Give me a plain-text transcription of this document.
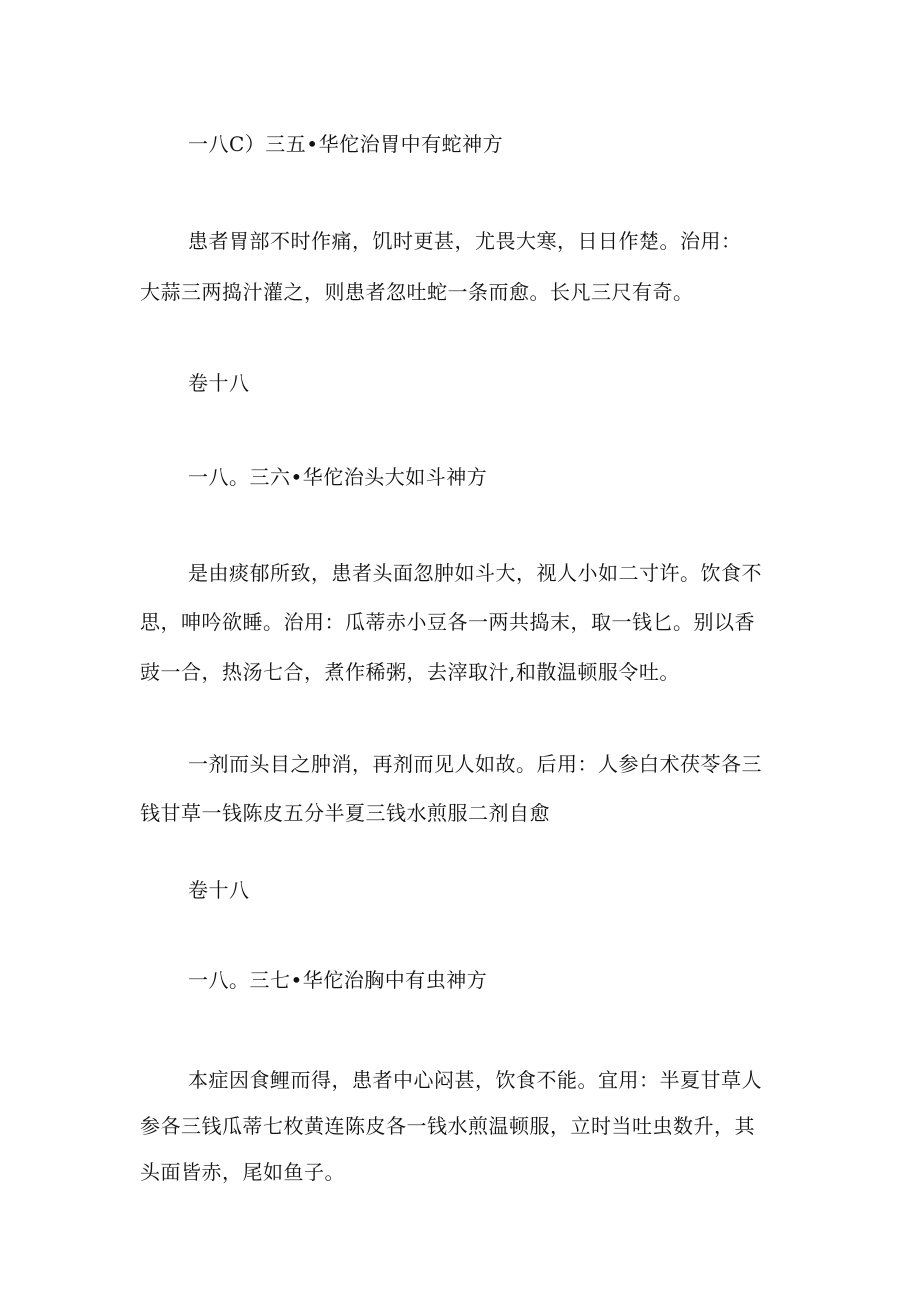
一八C）三五•华佗治胃中有蛇神方
患者胃部不时作痛，饥时更甚，尤畏大寒，日日作楚。治用：
大蒜三两捣汁灌之，则患者忽吐蛇一条而愈。长凡三尺有奇。
卷十八
一八。三六•华佗治头大如斗神方
是由痰郁所致，患者头面忽肿如斗大，视人小如二寸许。饮食不
思，呻吟欲睡。治用：瓜蒂赤小豆各一两共捣末，取一钱匕。别以香
豉一合，热汤七合，煮作稀粥，去滓取汁,和散温顿服令吐。
一剂而头目之肿消，再剂而见人如故。后用：人参白术茯苓各三
钱甘草一钱陈皮五分半夏三钱水煎服二剂自愈
卷十八
一八。三七•华佗治胸中有虫神方
本症因食鲤而得，患者中心闷甚，饮食不能。宜用：半夏甘草人
参各三钱瓜蒂七枚黄连陈皮各一钱水煎温顿服，立时当吐虫数升，其
头面皆赤，尾如鱼子。
